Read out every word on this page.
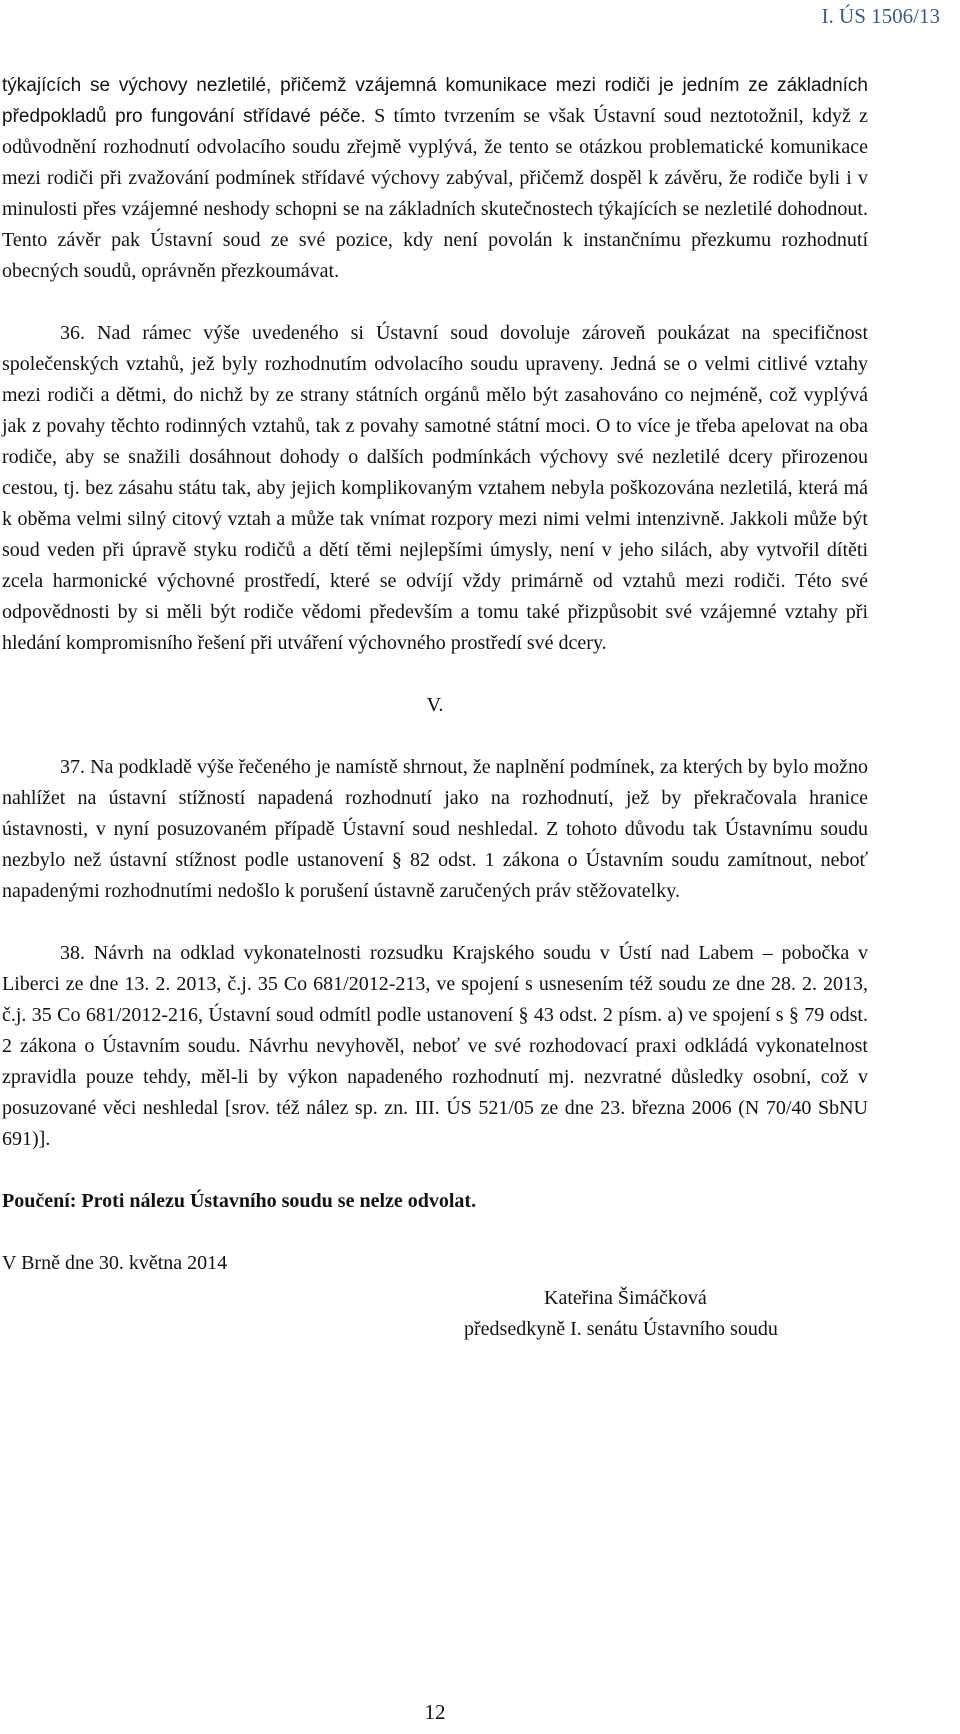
I. ÚS 1506/13

týkajících se výchovy nezletilé, přičemž vzájemná komunikace mezi rodiči je jedním ze základních předpokladů pro fungování střídavé péče. S tímto tvrzením se však Ústavní soud neztotožnil, když z odůvodnění rozhodnutí odvolacího soudu zřejmě vyplývá, že tento se otázkou problematické komunikace mezi rodiči při zvažování podmínek střídavé výchovy zabýval, přičemž dospěl k závěru, že rodiče byli i v minulosti přes vzájemné neshody schopni se na základních skutečnostech týkajících se nezletilé dohodnout. Tento závěr pak Ústavní soud ze své pozice, kdy není povolán k instančnímu přezkumu rozhodnutí obecných soudů, oprávněn přezkoumávat.

36. Nad rámec výše uvedeného si Ústavní soud dovoluje zároveň poukázat na specifičnost společenských vztahů, jež byly rozhodnutím odvolacího soudu upraveny. Jedná se o velmi citlivé vztahy mezi rodiči a dětmi, do nichž by ze strany státních orgánů mělo být zasahováno co nejméně, což vyplývá jak z povahy těchto rodinných vztahů, tak z povahy samotné státní moci. O to více je třeba apelovat na oba rodiče, aby se snažili dosáhnout dohody o dalších podmínkách výchovy své nezletilé dcery přirozenou cestou, tj. bez zásahu státu tak, aby jejich komplikovaným vztahem nebyla poškozována nezletilá, která má k oběma velmi silný citový vztah a může tak vnímat rozpory mezi nimi velmi intenzivně. Jakkoli může být soud veden při úpravě styku rodičů a dětí těmi nejlepšími úmysly, není v jeho silách, aby vytvořil dítěti zcela harmonické výchovné prostředí, které se odvíjí vždy primárně od vztahů mezi rodiči. Této své odpovědnosti by si měli být rodiče vědomi především a tomu také přizpůsobit své vzájemné vztahy při hledání kompromisního řešení při utváření výchovného prostředí své dcery.

V.

37. Na podkladě výše řečeného je namístě shrnout, že naplnění podmínek, za kterých by bylo možno nahlížet na ústavní stížností napadená rozhodnutí jako na rozhodnutí, jež by překračovala hranice ústavnosti, v nyní posuzovaném případě Ústavní soud neshledal. Z tohoto důvodu tak Ústavnímu soudu nezbylo než ústavní stížnost podle ustanovení § 82 odst. 1 zákona o Ústavním soudu zamítnout, neboť napadenými rozhodnutími nedošlo k porušení ústavně zaručených práv stěžovatelky.

38. Návrh na odklad vykonatelnosti rozsudku Krajského soudu v Ústí nad Labem – pobočka v Liberci ze dne 13. 2. 2013, č.j. 35 Co 681/2012-213, ve spojení s usnesením též soudu ze dne 28. 2. 2013, č.j. 35 Co 681/2012-216, Ústavní soud odmítl podle ustanovení § 43 odst. 2 písm. a) ve spojení s § 79 odst. 2 zákona o Ústavním soudu. Návrhu nevyhověl, neboť ve své rozhodovací praxi odkládá vykonatelnost zpravidla pouze tehdy, měl-li by výkon napadeného rozhodnutí mj. nezvratné důsledky osobní, což v posuzované věci neshledal [srov. též nález sp. zn. III. ÚS 521/05 ze dne 23. března 2006 (N 70/40 SbNU 691)].

Poučení: Proti nálezu Ústavního soudu se nelze odvolat.

V Brně dne 30. května 2014

Kateřina Šimáčková
předsedkyně I. senátu Ústavního soudu
12
